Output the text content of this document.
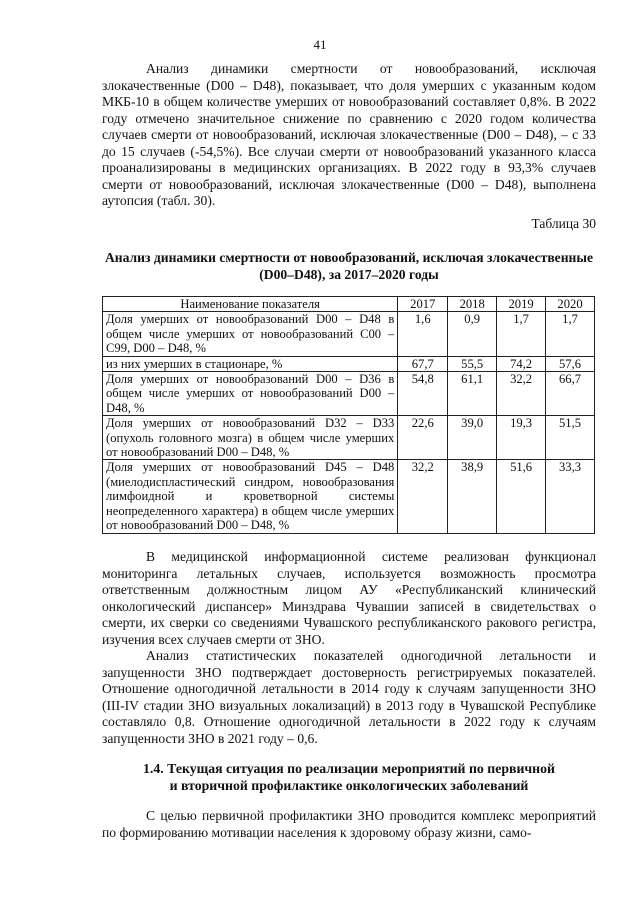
41

Анализ динамики смертности от новообразований, исключая злокачественные (D00 – D48), показывает, что доля умерших с указанным кодом МКБ-10 в общем количестве умерших от новообразований составляет 0,8%. В 2022 году отмечено значительное снижение по сравнению с 2020 годом количества случаев смерти от новообразований, исключая злокачественные (D00 – D48), – с 33 до 15 случаев (-54,5%). Все случаи смерти от новообразований указанного класса проанализированы в медицинских организациях. В 2022 году в 93,3% случаев смерти от новообразований, исключая злокачественные (D00 – D48), выполнена аутопсия (табл. 30).

Таблица 30
Анализ динамики смертности от новообразований, исключая злокачественные (D00–D48), за 2017–2020 годы
Наименование показателя	2017	2018	2019	2020
Доля умерших от новообразований D00 – D48 в общем числе умерших от новообразований C00 – C99, D00 – D48, %	1,6	0,9	1,7	1,7
из них умерших в стационаре, %	67,7	55,5	74,2	57,6
Доля умерших от новообразований D00 – D36 в общем числе умерших от новообразований D00 – D48, %	54,8	61,1	32,2	66,7
Доля умерших от новообразований D32 – D33 (опухоль головного мозга) в общем числе умерших от новообразований D00 – D48, %	22,6	39,0	19,3	51,5
Доля умерших от новообразований D45 – D48 (миелодиспластический синдром, новообразования лимфоидной и кроветворной системы неопределенного характера) в общем числе умерших от новообразований D00 – D48, %	32,2	38,9	51,6	33,3

В медицинской информационной системе реализован функционал мониторинга летальных случаев, используется возможность просмотра ответственным должностным лицом АУ «Республиканский клинический онкологический диспансер» Минздрава Чувашии записей в свидетельствах о смерти, их сверки со сведениями Чувашского республиканского ракового регистра, изучения всех случаев смерти от ЗНО.

Анализ статистических показателей одногодичной летальности и запущенности ЗНО подтверждает достоверность регистрируемых показателей. Отношение одногодичной летальности в 2014 году к случаям запущенности ЗНО (III-IV стадии ЗНО визуальных локализаций) в 2013 году в Чувашской Республике составляло 0,8. Отношение одногодичной летальности в 2022 году к случаям запущенности ЗНО в 2021 году – 0,6.

1.4. Текущая ситуация по реализации мероприятий по первичной
и вторичной профилактике онкологических заболеваний

С целью первичной профилактики ЗНО проводится комплекс мероприятий по формированию мотивации населения к здоровому образу жизни, само-
